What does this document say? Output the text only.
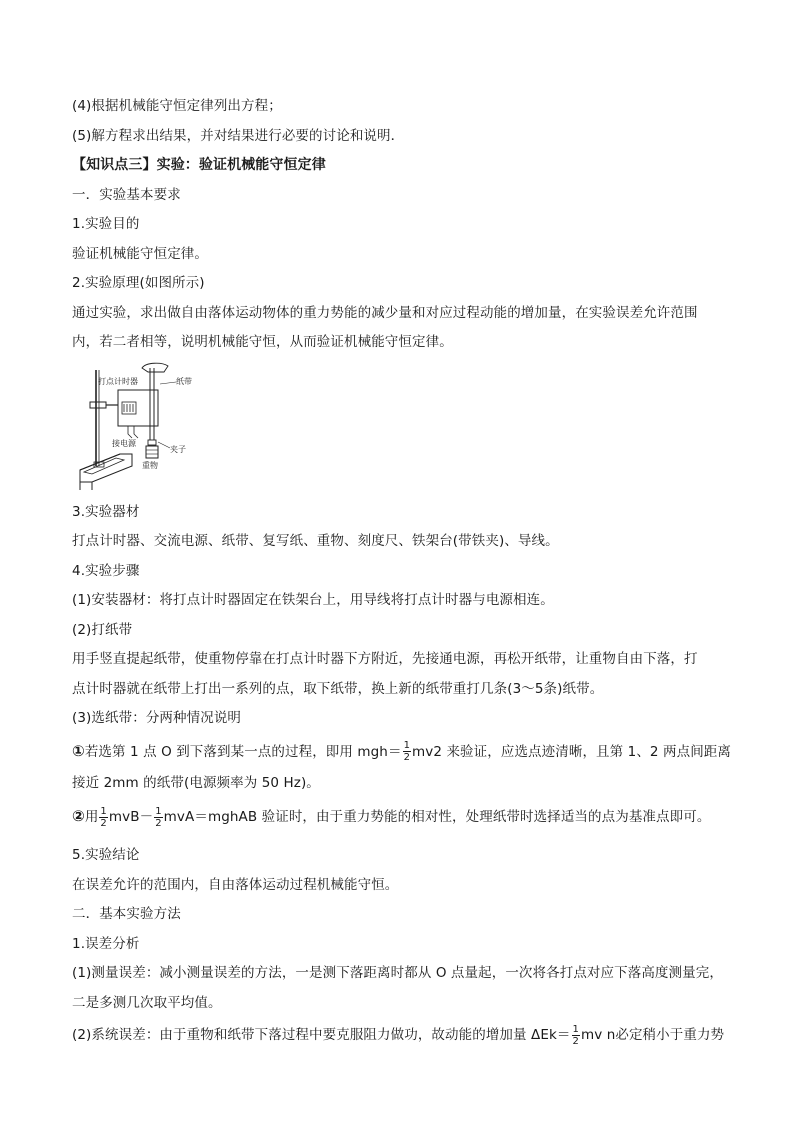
(4)根据机械能守恒定律列出方程；
(5)解方程求出结果，并对结果进行必要的讨论和说明．
【知识点三】实验：验证机械能守恒定律
一．实验基本要求
1.实验目的
验证机械能守恒定律。
2.实验原理(如图所示)
通过实验，求出做自由落体运动物体的重力势能的减少量和对应过程动能的增加量，在实验误差允许范围
内，若二者相等，说明机械能守恒，从而验证机械能守恒定律。
打点计时器	纸带
夹子
接电源
重物
3.实验器材
打点计时器、交流电源、纸带、复写纸、重物、刻度尺、铁架台(带铁夹)、导线。
4.实验步骤
(1)安装器材：将打点计时器固定在铁架台上，用导线将打点计时器与电源相连。
(2)打纸带
用手竖直提起纸带，使重物停靠在打点计时器下方附近，先接通电源，再松开纸带，让重物自由下落，打
点计时器就在纸带上打出一系列的点，取下纸带，换上新的纸带重打几条(3～5条)纸带。
(3)选纸带：分两种情况说明
①若选第 1 点 O 到下落到某一点的过程，即用 $mgh= \frac{1}{2} mv2$ 来验证，应选点迹清晰，且第 1、2 两点间距离
接近 2mm 的纸带(电源频率为 50 Hz)。
②用 $\frac{1}{2} mvB- \frac{1}{2}$ mvA＝mghAB 验证时，由于重力势能的相对性，处理纸带时选择适当的点为基准点即可。
5.实验结论
在误差允许的范围内，自由落体运动过程机械能守恒。
二．基本实验方法
1.误差分析
(1)测量误差：减小测量误差的方法，一是测下落距离时都从 O 点量起，一次将各打点对应下落高度测量完，
二是多测几次取平均值。
(2)系统误差：由于重物和纸带下落过程中要克服阻力做功，故动能的增加量 $\Delta Ek= \frac{1}{2}$ mv n必定稍小于重力势
